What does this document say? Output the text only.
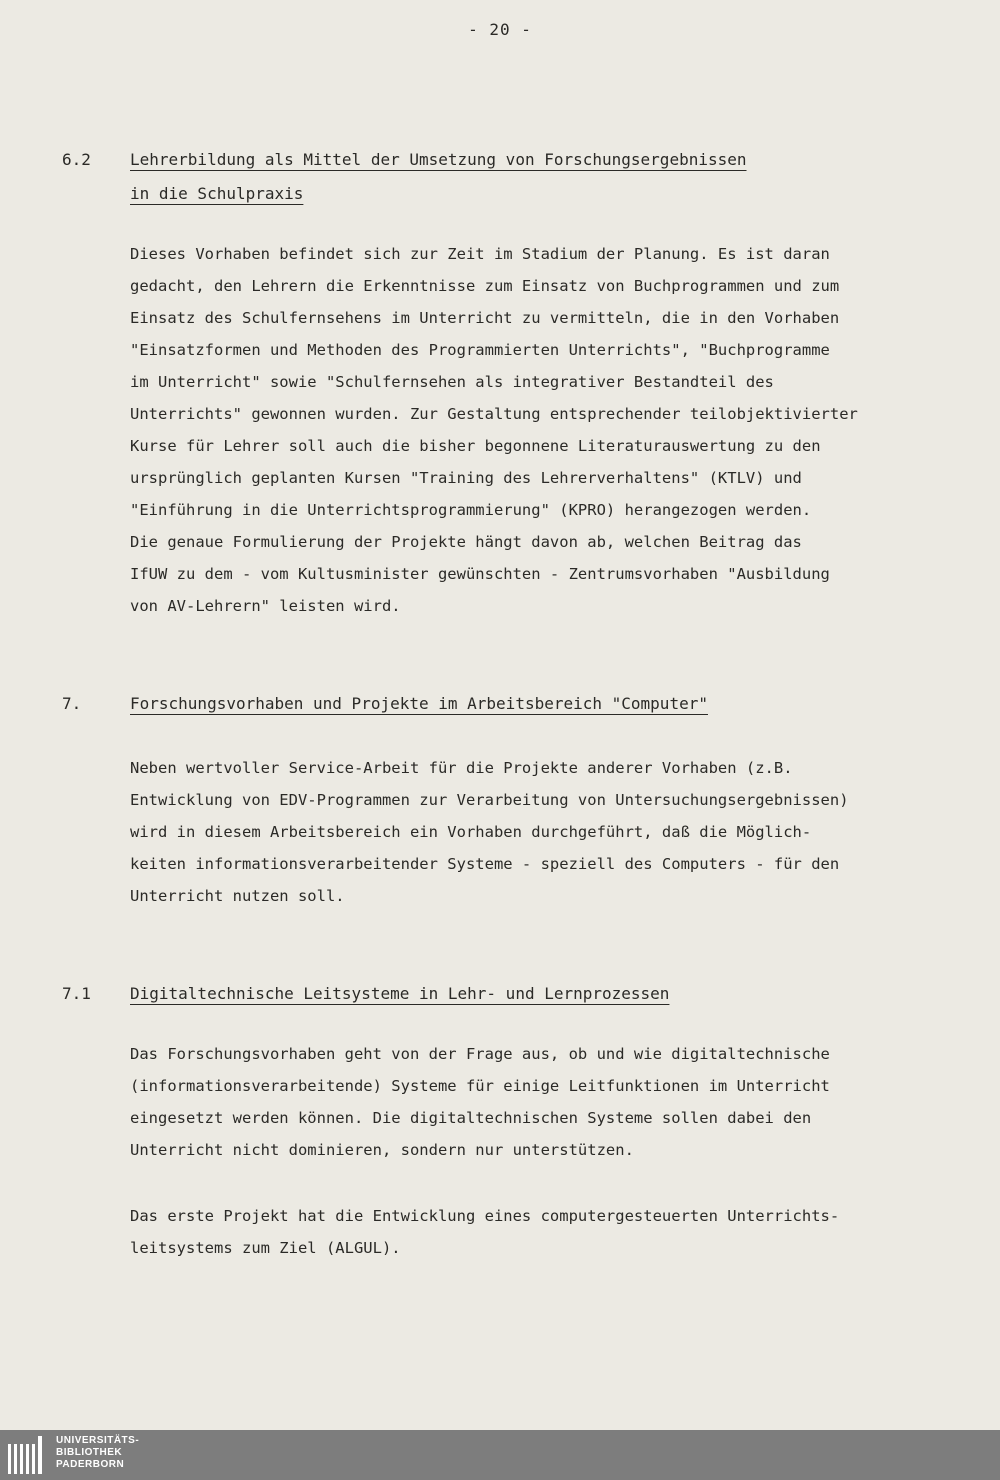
- 20 -
6.2 Lehrerbildung als Mittel der Umsetzung von Forschungsergebnissen
in die Schulpraxis
Dieses Vorhaben befindet sich zur Zeit im Stadium der Planung. Es ist daran
gedacht, den Lehrern die Erkenntnisse zum Einsatz von Buchprogrammen und zum
Einsatz des Schulfernsehens im Unterricht zu vermitteln, die in den Vorhaben
"Einsatzformen und Methoden des Programmierten Unterrichts", "Buchprogramme
im Unterricht" sowie "Schulfernsehen als integrativer Bestandteil des
Unterrichts" gewonnen wurden. Zur Gestaltung entsprechender teilobjektivierter
Kurse für Lehrer soll auch die bisher begonnene Literaturauswertung zu den
ursprünglich geplanten Kursen "Training des Lehrerverhaltens" (KTLV) und
"Einführung in die Unterrichtsprogrammierung" (KPRO) herangezogen werden.
Die genaue Formulierung der Projekte hängt davon ab, welchen Beitrag das
IfUW zu dem - vom Kultusminister gewünschten - Zentrumsvorhaben "Ausbildung
von AV-Lehrern" leisten wird.
7.	Forschungsvorhaben und Projekte im Arbeitsbereich "Computer"
Neben wertvoller Service-Arbeit für die Projekte anderer Vorhaben (z.B.
Entwicklung von EDV-Programmen zur Verarbeitung von Untersuchungsergebnissen)
wird in diesem Arbeitsbereich ein Vorhaben durchgeführt, daß die Möglich-
keiten informationsverarbeitender Systeme - speziell des Computers - für den
Unterricht nutzen soll.
7.1 Digitaltechnische Leitsysteme in Lehr- und Lernprozessen
Das Forschungsvorhaben geht von der Frage aus, ob und wie digitaltechnische
(informationsverarbeitende) Systeme für einige Leitfunktionen im Unterricht
eingesetzt werden können. Die digitaltechnischen Systeme sollen dabei den
Unterricht nicht dominieren, sondern nur unterstützen.
Das erste Projekt hat die Entwicklung eines computergesteuerten Unterrichts-
leitsystems zum Ziel (ALGUL).
UNIVERSITÄTS-
BIBLIOTHEK
PADERBORN
